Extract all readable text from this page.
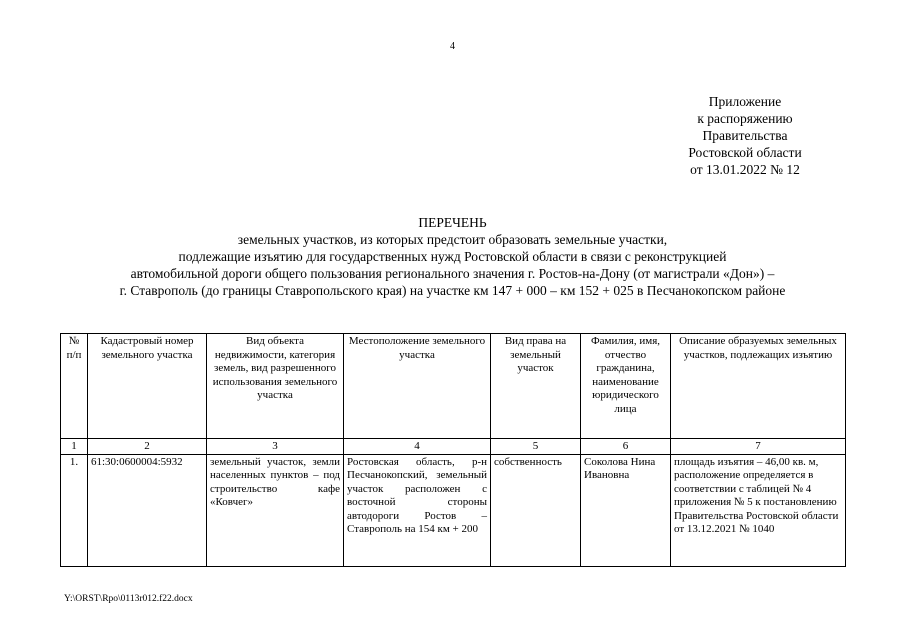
4
Приложение
к распоряжению
Правительства
Ростовской области
от 13.01.2022 № 12
ПЕРЕЧЕНЬ
земельных участков, из которых предстоит образовать земельные участки,
подлежащие изъятию для государственных нужд Ростовской области в связи с реконструкцией
автомобильной дороги общего пользования регионального значения г. Ростов-на-Дону (от магистрали «Дон») –
г. Ставрополь (до границы Ставропольского края) на участке км 147 + 000 – км 152 + 025 в Песчанокопском районе
№ п/п	Кадастровый номер земельного участка	Вид объекта недвижимости, категория земель, вид разрешенного использования земельного участка	Местоположение земельного участка	Вид права на земельный участок	Фамилия, имя, отчество гражданина, наименование юридического лица	Описание образуемых земельных участков, подлежащих изъятию
1	2	3	4	5	6	7
1.	61:30:0600004:5932	земельный участок, земли населенных пунктов – под строительство кафе «Ковчег»	Ростовская область, р-н Песчанокопский, земельный участок расположен с восточной стороны автодороги Ростов – Ставрополь на 154 км + 200	собственность	Соколова Нина Ивановна	площадь изъятия – 46,00 кв. м, расположение определяется в соответствии с таблицей № 4 приложения № 5 к постановлению Правительства Ростовской области от 13.12.2021 № 1040
Y:\ORST\Rpo\0113r012.f22.docx
